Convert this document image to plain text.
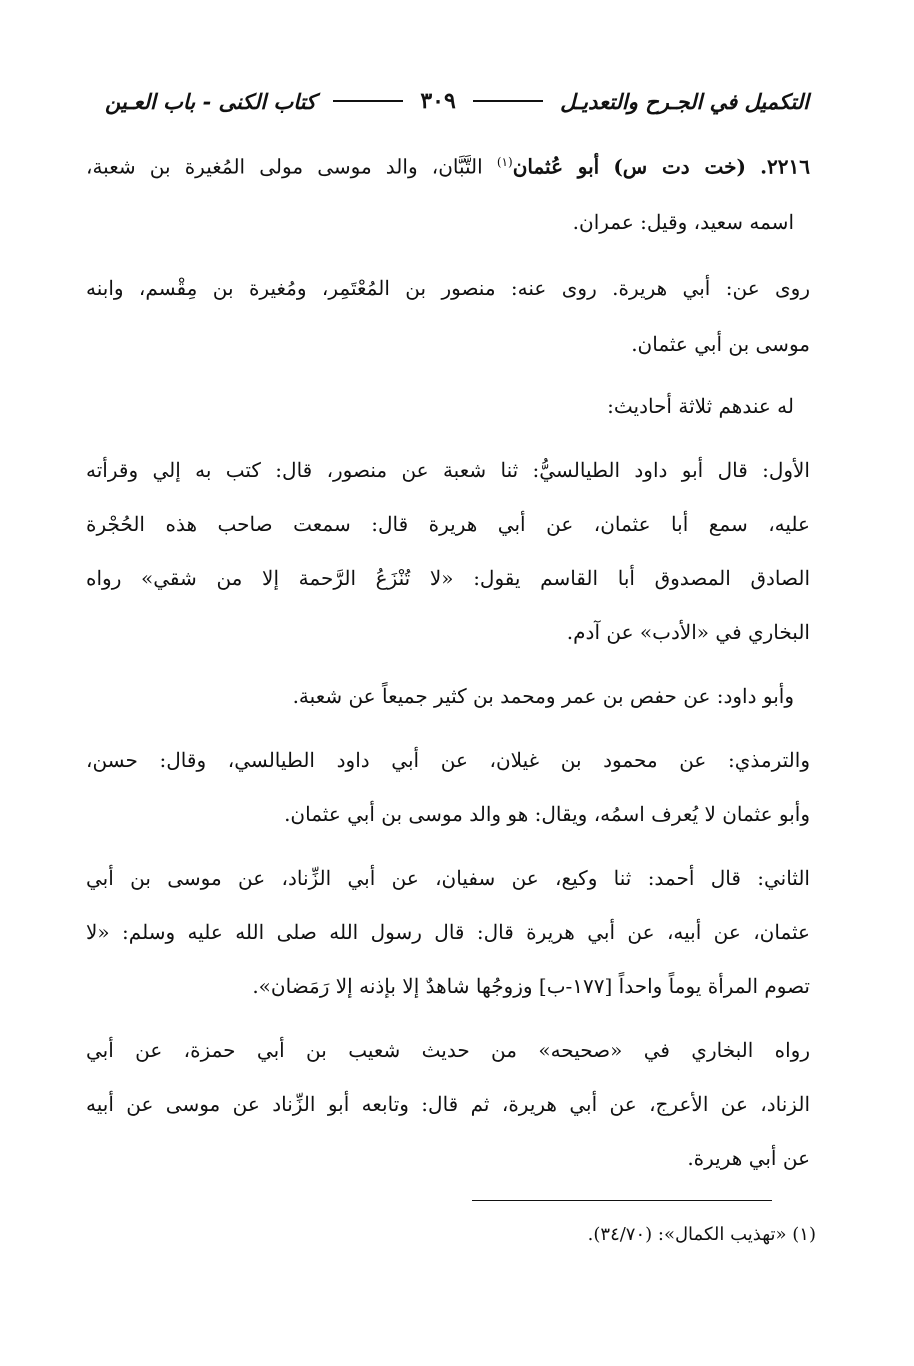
التكميل في الجـرح والتعديـل
٣٠٩
كتاب الكنى - باب العـين
٢٢١٦. (خت دت س) أبو عُثمان$^{(١)}$ التَّبَّان، والد موسى مولى المُغيرة بن شعبة،
اسمه سعيد، وقيل: عمران.
روى عن: أبي هريرة. روى عنه: منصور بن المُعْتَمِر، ومُغيرة بن مِقْسم، وابنه
موسى بن أبي عثمان.
له عندهم ثلاثة أحاديث:
الأول: قال أبو داود الطيالسيُّ: ثنا شعبة عن منصور، قال: كتب به إلي وقرأته
عليه، سمع أبا عثمان، عن أبي هريرة قال: سمعت صاحب هذه الحُجْرة
الصادق المصدوق أبا القاسم يقول: «لا تُنْزَعُ الرَّحمة إلا من شقي» رواه
البخاري في «الأدب» عن آدم.
وأبو داود: عن حفص بن عمر ومحمد بن كثير جميعاً عن شعبة.
والترمذي: عن محمود بن غيلان، عن أبي داود الطيالسي، وقال: حسن،
وأبو عثمان لا يُعرف اسمُه، ويقال: هو والد موسى بن أبي عثمان.
الثاني: قال أحمد: ثنا وكيع، عن سفيان، عن أبي الزِّناد، عن موسى بن أبي
عثمان، عن أبيه، عن أبي هريرة قال: قال رسول الله صلى الله عليه وسلم: «لا
تصوم المرأة يوماً واحداً [١٧٧-ب] وزوجُها شاهدٌ إلا بإذنه إلا رَمَضان».
رواه البخاري في «صحيحه» من حديث شعيب بن أبي حمزة، عن أبي
الزناد، عن الأعرج، عن أبي هريرة، ثم قال: وتابعه أبو الزِّناد عن موسى عن أبيه
عن أبي هريرة.
(١) «تهذيب الكمال»: (٣٤/٧٠).
